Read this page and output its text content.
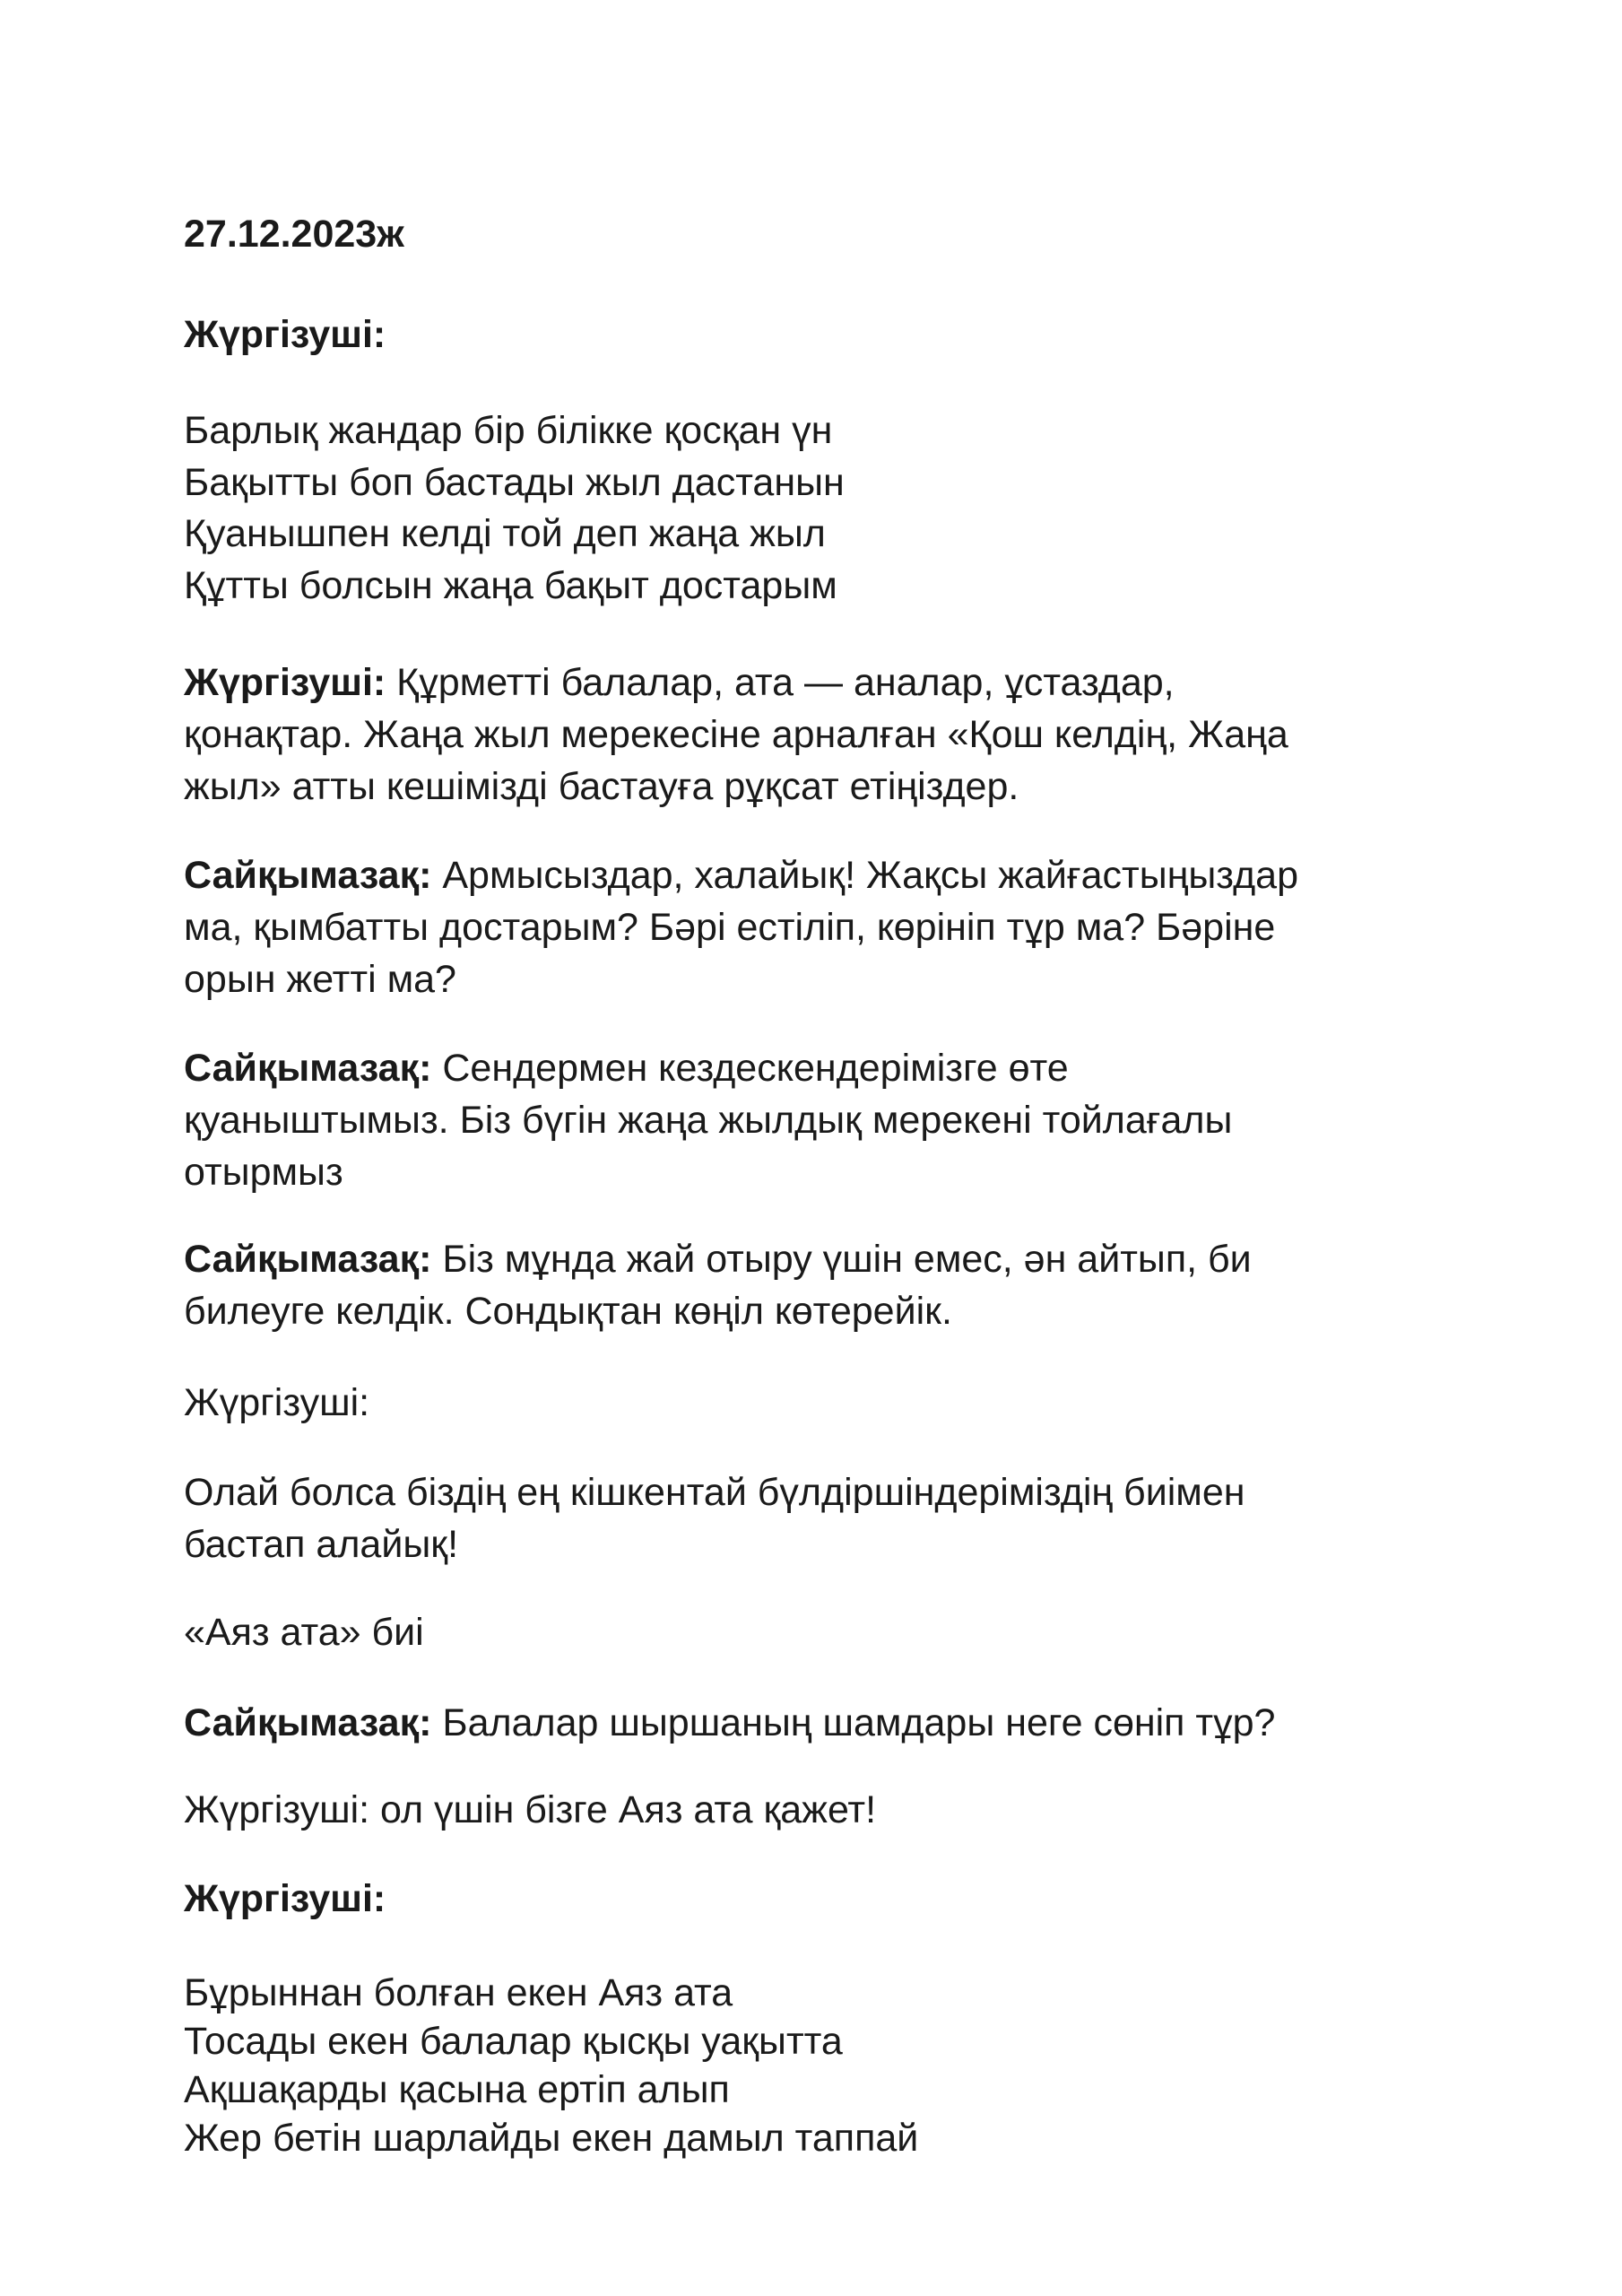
27.12.2023ж
Жүргізуші:
Барлық жандар бір білікке қосқан үн
Бақытты боп бастады жыл дастанын
Қуанышпен келді той деп жаңа жыл
Құтты болсын жаңа бақыт достарым
Жүргізуші: Құрметті балалар, ата — аналар, ұстаздар,
қонақтар. Жаңа жыл мерекесіне арналған «Қош келдің, Жаңа
жыл» атты кешімізді бастауға рұқсат етіңіздер.
Сайқымазақ: Армысыздар, халайық! Жақсы жайғастыңыздар
ма, қымбатты достарым? Бәрі естіліп, көрініп тұр ма? Бәріне
орын жетті ма?
Сайқымазақ: Сендермен кездескендерімізге өте
қуаныштымыз. Біз бүгін жаңа жылдық мерекені тойлағалы
отырмыз
Сайқымазақ: Біз мұнда жай отыру үшін емес, ән айтып, би
билеуге келдік. Сондықтан көңіл көтерейік.
Жүргізуші:
Олай болса біздің ең кішкентай бүлдіршіндеріміздің биімен
бастап алайық!
«Аяз ата» биі
Сайқымазақ: Балалар шыршаның шамдары неге сөніп тұр?
Жүргізуші: ол үшін бізге Аяз ата қажет!
Жүргізуші:
Бұрыннан болған екен Аяз ата
Тосады екен балалар қысқы уақытта
Ақшақарды қасына ертіп алып
Жер бетін шарлайды екен дамыл таппай
